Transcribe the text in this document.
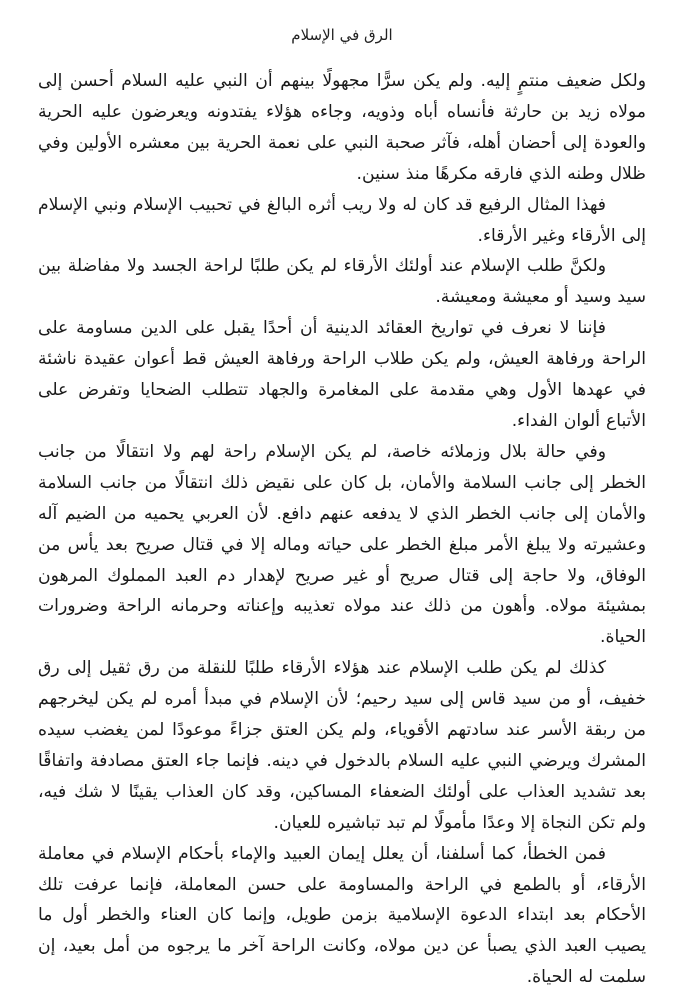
الرق في الإسلام

ولكل ضعيف منتمٍ إليه. ولم يكن سرًّا مجهولًا بينهم أن النبي عليه السلام أحسن إلى مولاه زيد بن حارثة فأنساه أباه وذويه، وجاءه هؤلاء يفتدونه ويعرضون عليه الحرية والعودة إلى أحضان أهله، فآثر صحبة النبي على نعمة الحرية بين معشره الأولين وفي ظلال وطنه الذي فارقه مكرهًا منذ سنين.

فهذا المثال الرفيع قد كان له ولا ريب أثره البالغ في تحبيب الإسلام ونبي الإسلام إلى الأرقاء وغير الأرقاء.

ولكنَّ طلب الإسلام عند أولئك الأرقاء لم يكن طلبًا لراحة الجسد ولا مفاضلة بين سيد وسيد أو معيشة ومعيشة.

فإننا لا نعرف في تواريخ العقائد الدينية أن أحدًا يقبل على الدين مساومة على الراحة ورفاهة العيش، ولم يكن طلاب الراحة ورفاهة العيش قط أعوان عقيدة ناشئة في عهدها الأول وهي مقدمة على المغامرة والجهاد تتطلب الضحايا وتفرض على الأتباع ألوان الفداء.

وفي حالة بلال وزملائه خاصة، لم يكن الإسلام راحة لهم ولا انتقالًا من جانب الخطر إلى جانب السلامة والأمان، بل كان على نقيض ذلك انتقالًا من جانب السلامة والأمان إلى جانب الخطر الذي لا يدفعه عنهم دافع. لأن العربي يحميه من الضيم آله وعشيرته ولا يبلغ الأمر مبلغ الخطر على حياته وماله إلا في قتال صريح بعد يأس من الوفاق، ولا حاجة إلى قتال صريح أو غير صريح لإهدار دم العبد المملوك المرهون بمشيئة مولاه. وأهون من ذلك عند مولاه تعذيبه وإعناته وحرمانه الراحة وضرورات الحياة.

كذلك لم يكن طلب الإسلام عند هؤلاء الأرقاء طلبًا للنقلة من رق ثقيل إلى رق خفيف، أو من سيد قاس إلى سيد رحيم؛ لأن الإسلام في مبدأ أمره لم يكن ليخرجهم من ربقة الأسر عند سادتهم الأقوياء، ولم يكن العتق جزاءً موعودًا لمن يغضب سيده المشرك ويرضي النبي عليه السلام بالدخول في دينه. فإنما جاء العتق مصادفة واتفاقًا بعد تشديد العذاب على أولئك الضعفاء المساكين، وقد كان العذاب يقينًا لا شك فيه، ولم تكن النجاة إلا وعدًا مأمولًا لم تبد تباشيره للعيان.

فمن الخطأ، كما أسلفنا، أن يعلل إيمان العبيد والإماء بأحكام الإسلام في معاملة الأرقاء، أو بالطمع في الراحة والمساومة على حسن المعاملة، فإنما عرفت تلك الأحكام بعد ابتداء الدعوة الإسلامية بزمن طويل، وإنما كان العناء والخطر أول ما يصيب العبد الذي يصبأ عن دين مولاه، وكانت الراحة آخر ما يرجوه من أمل بعيد، إن سلمت له الحياة.
